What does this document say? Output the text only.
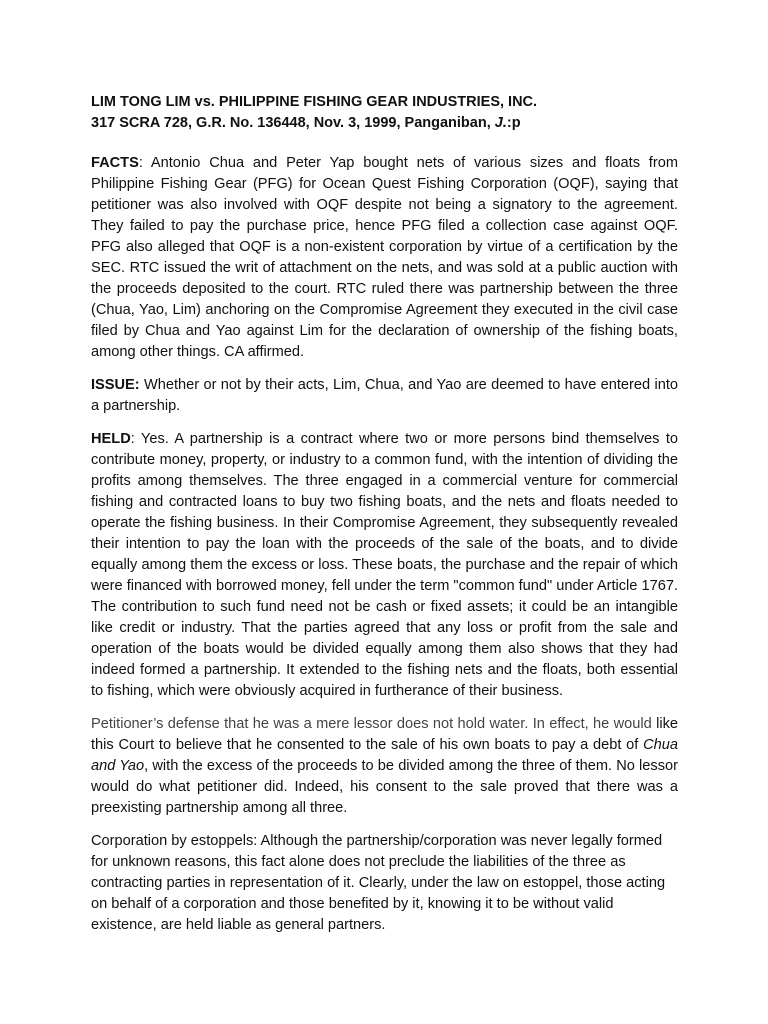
LIM TONG LIM vs. PHILIPPINE FISHING GEAR INDUSTRIES, INC.

317 SCRA 728, G.R. No. 136448, Nov. 3, 1999, Panganiban, J.:p

FACTS: Antonio Chua and Peter Yap bought nets of various sizes and floats from Philippine Fishing Gear (PFG) for Ocean Quest Fishing Corporation (OQF), saying that petitioner was also involved with OQF despite not being a signatory to the agreement. They failed to pay the purchase price, hence PFG filed a collection case against OQF. PFG also alleged that OQF is a non-existent corporation by virtue of a certification by the SEC. RTC issued the writ of attachment on the nets, and was sold at a public auction with the proceeds deposited to the court. RTC ruled there was partnership between the three (Chua, Yao, Lim) anchoring on the Compromise Agreement they executed in the civil case filed by Chua and Yao against Lim for the declaration of ownership of the fishing boats, among other things. CA affirmed.

ISSUE: Whether or not by their acts, Lim, Chua, and Yao are deemed to have entered into a partnership.

HELD: Yes. A partnership is a contract where two or more persons bind themselves to contribute money, property, or industry to a common fund, with the intention of dividing the profits among themselves. The three engaged in a commercial venture for commercial fishing and contracted loans to buy two fishing boats, and the nets and floats needed to operate the fishing business. In their Compromise Agreement, they subsequently revealed their intention to pay the loan with the proceeds of the sale of the boats, and to divide equally among them the excess or loss. These boats, the purchase and the repair of which were financed with borrowed money, fell under the term "common fund" under Article 1767. The contribution to such fund need not be cash or fixed assets; it could be an intangible like credit or industry. That the parties agreed that any loss or profit from the sale and operation of the boats would be divided equally among them also shows that they had indeed formed a partnership. It extended to the fishing nets and the floats, both essential to fishing, which were obviously acquired in furtherance of their business.

Petitioner’s defense that he was a mere lessor does not hold water. In effect, he would like this Court to believe that he consented to the sale of his own boats to pay a debt of Chua and Yao, with the excess of the proceeds to be divided among the three of them. No lessor would do what petitioner did. Indeed, his consent to the sale proved that there was a preexisting partnership among all three.

Corporation by estoppels: Although the partnership/corporation was never legally formed for unknown reasons, this fact alone does not preclude the liabilities of the three as contracting parties in representation of it. Clearly, under the law on estoppel, those acting on behalf of a corporation and those benefited by it, knowing it to be without valid existence, are held liable as general partners.
